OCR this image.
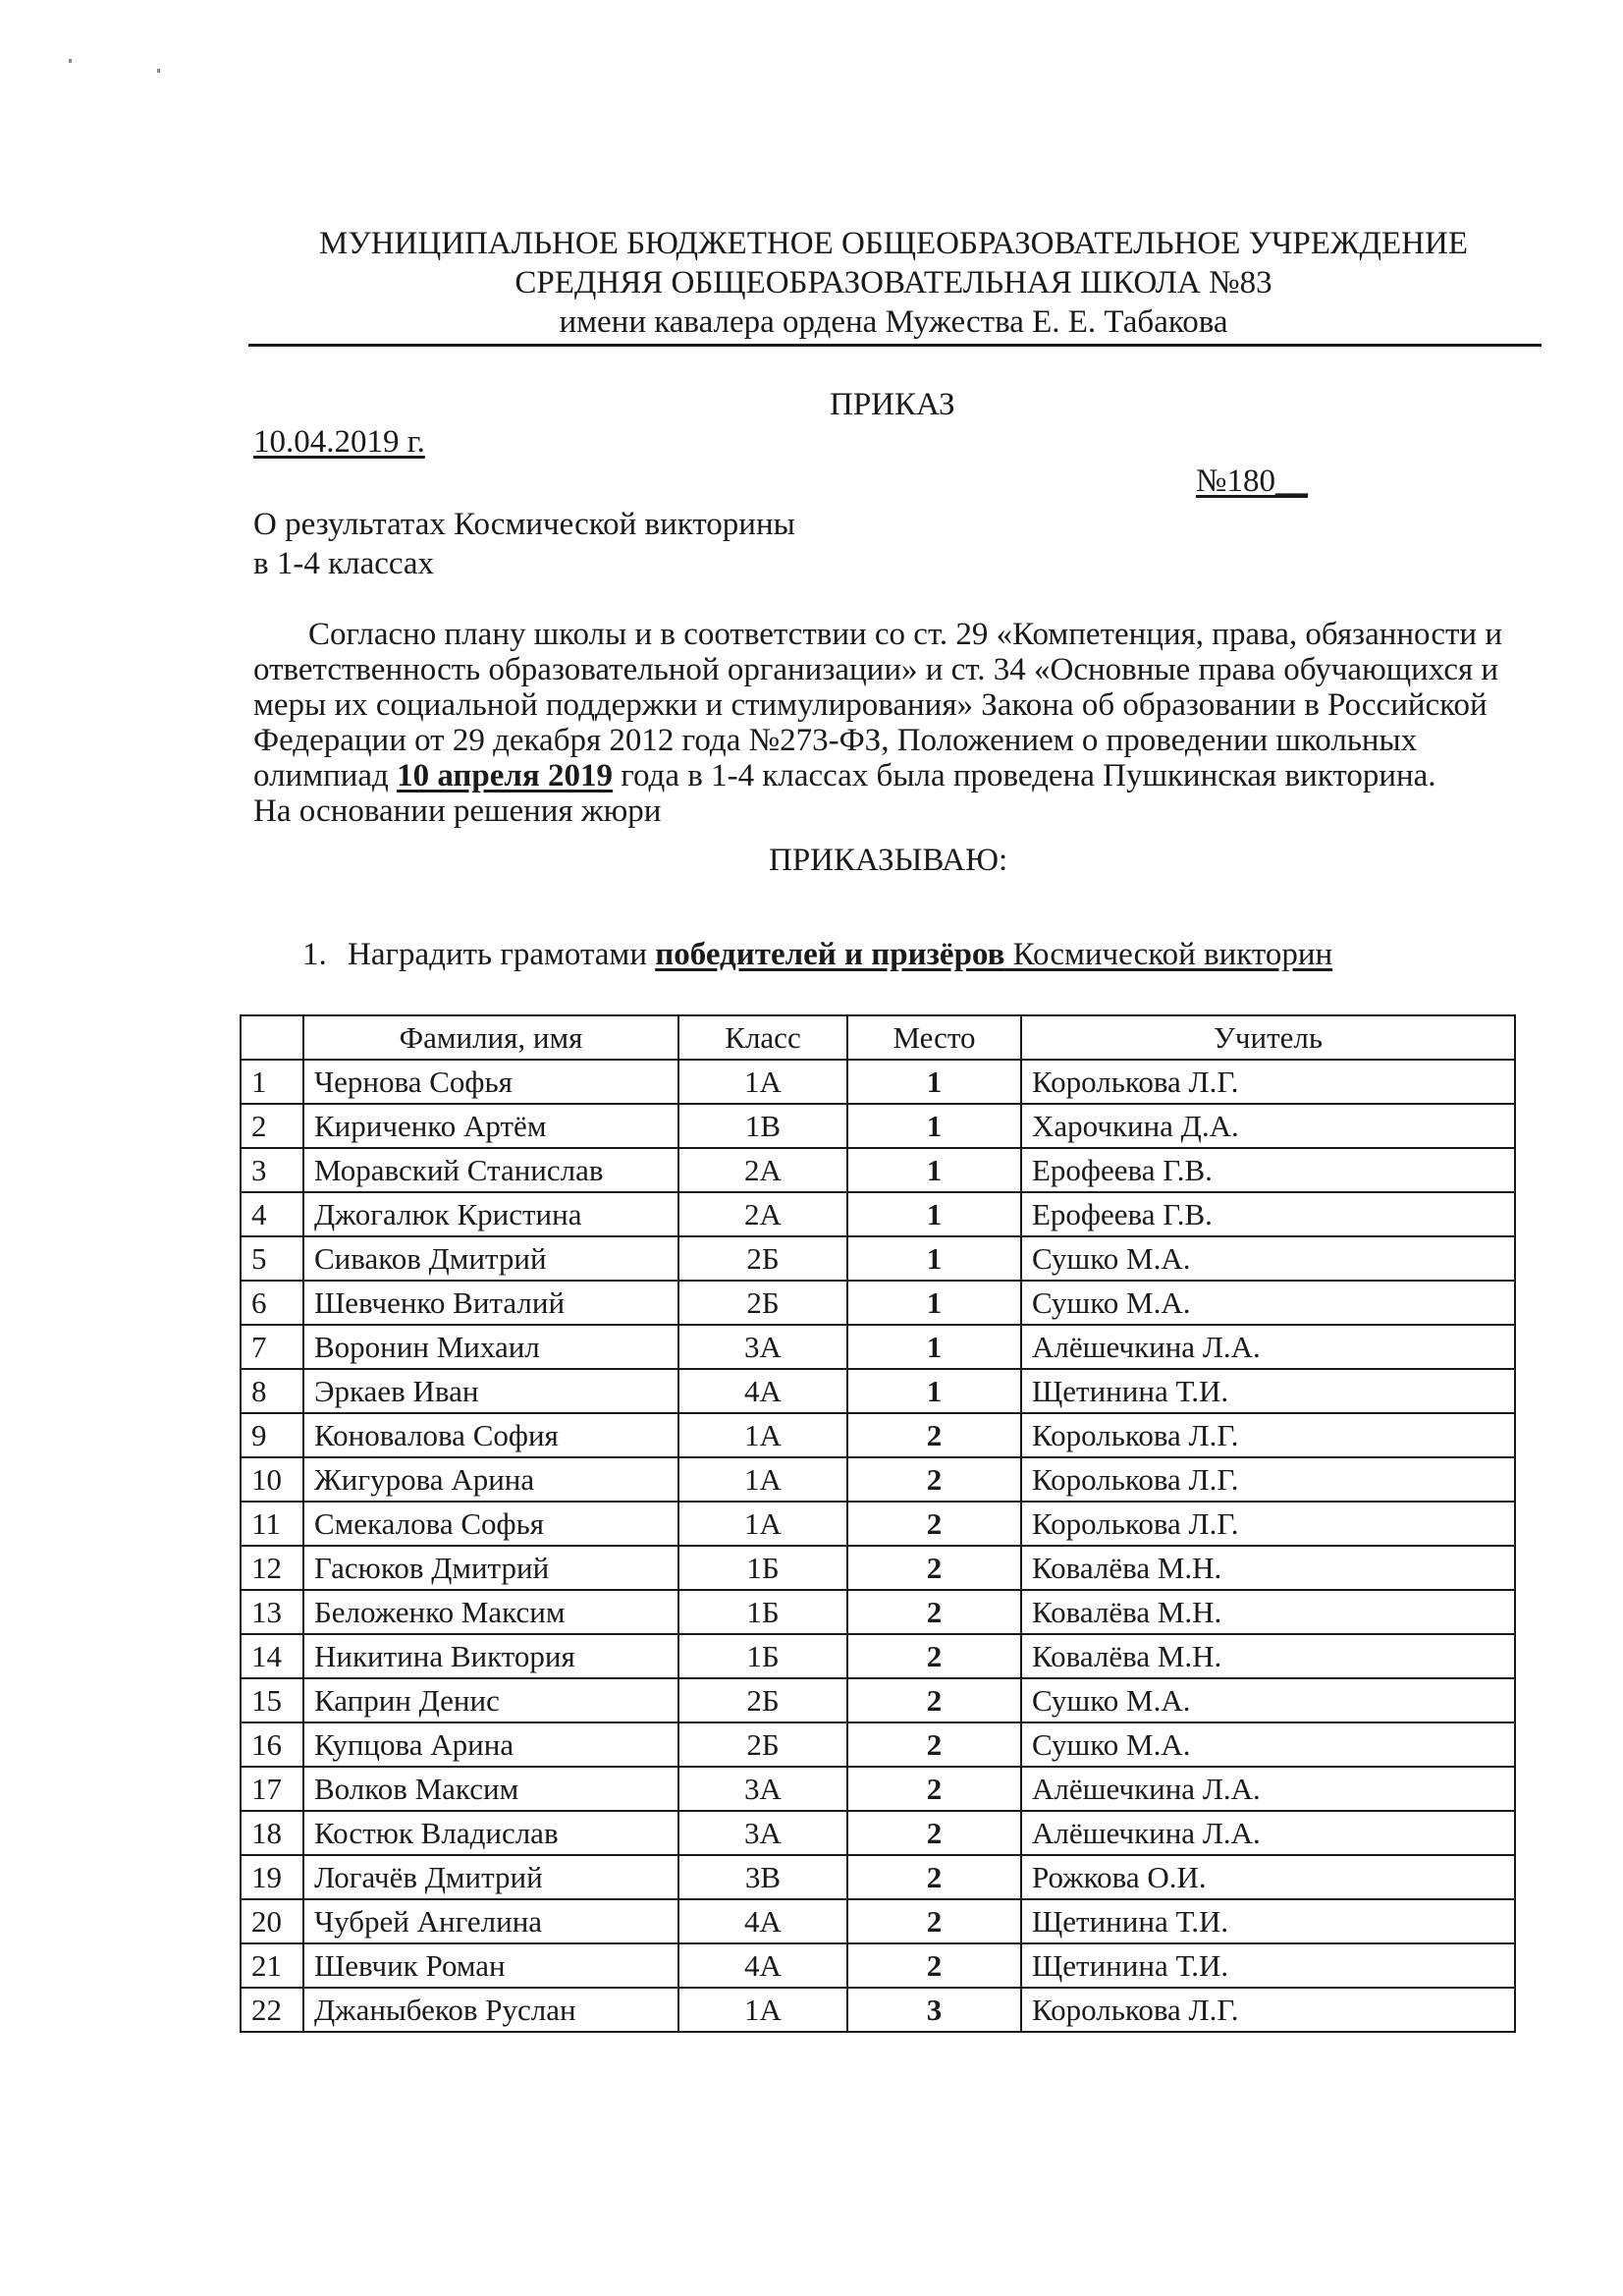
МУНИЦИПАЛЬНОЕ БЮДЖЕТНОЕ ОБЩЕОБРАЗОВАТЕЛЬНОЕ УЧРЕЖДЕНИЕ
СРЕДНЯЯ ОБЩЕОБРАЗОВАТЕЛЬНАЯ ШКОЛА №83
имени кавалера ордена Мужества Е. Е. Табакова
ПРИКАЗ
10.04.2019 г.
№180__
О результатах Космической викторины
в 1-4 классах

Согласно плану школы и в соответствии со ст. 29 «Компетенция, права, обязанности и ответственность образовательной организации» и ст. 34 «Основные права обучающихся и меры их социальной поддержки и стимулирования» Закона об образовании в Российской Федерации от 29 декабря 2012 года №273-ФЗ, Положением о проведении школьных олимпиад 10 апреля 2019 года в 1-4 классах была проведена Пушкинская викторина.

На основании решения жюри

ПРИКАЗЫВАЮ:
1. Наградить грамотами победителей и призёров Космической викторин
	Фамилия, имя	Класс	Место	Учитель
1	Чернова Софья	1А	1	Королькова Л.Г.
2	Кириченко Артём	1В	1	Харочкина Д.А.
3	Моравский Станислав	2А	1	Ерофеева Г.В.
4	Джогалюк Кристина	2А	1	Ерофеева Г.В.
5	Сиваков Дмитрий	2Б	1	Сушко М.А.
6	Шевченко Виталий	2Б	1	Сушко М.А.
7	Воронин Михаил	3А	1	Алёшечкина Л.А.
8	Эркаев Иван	4А	1	Щетинина Т.И.
9	Коновалова София	1А	2	Королькова Л.Г.
10	Жигурова Арина	1А	2	Королькова Л.Г.
11	Смекалова Софья	1А	2	Королькова Л.Г.
12	Гасюков Дмитрий	1Б	2	Ковалёва М.Н.
13	Беложенко Максим	1Б	2	Ковалёва М.Н.
14	Никитина Виктория	1Б	2	Ковалёва М.Н.
15	Каприн Денис	2Б	2	Сушко М.А.
16	Купцова Арина	2Б	2	Сушко М.А.
17	Волков Максим	3А	2	Алёшечкина Л.А.
18	Костюк Владислав	3А	2	Алёшечкина Л.А.
19	Логачёв Дмитрий	3В	2	Рожкова О.И.
20	Чубрей Ангелина	4А	2	Щетинина Т.И.
21	Шевчик Роман	4А	2	Щетинина Т.И.
22	Джаныбеков Руслан	1А	3	Королькова Л.Г.
